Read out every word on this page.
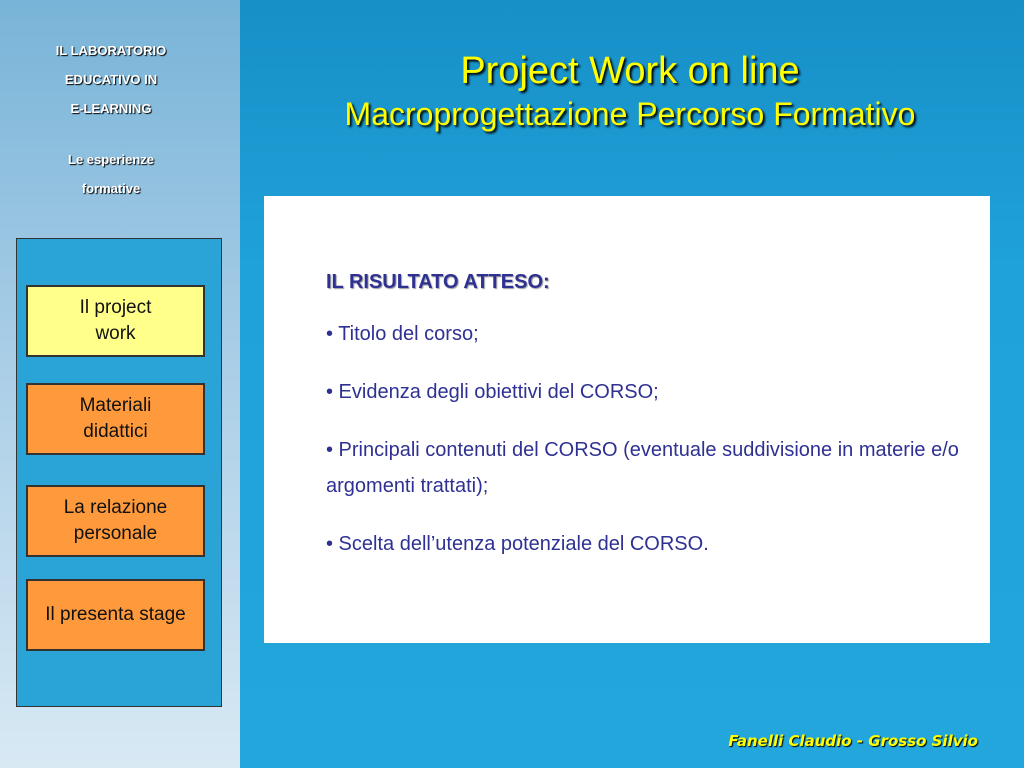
IL LABORATORIO
EDUCATIVO IN
E-LEARNING
Le esperienze
formative
Il project
work
Materiali
didattici
La relazione
personale
Il presenta stage
Project Work on line
Macroprogettazione Percorso Formativo
IL RISULTATO ATTESO:
• Titolo del corso;
• Evidenza degli obiettivi del CORSO;
• Principali contenuti del CORSO (eventuale suddivisione in materie e/o argomenti trattati);
• Scelta dell’utenza potenziale del CORSO.
Fanelli Claudio - Grosso Silvio
